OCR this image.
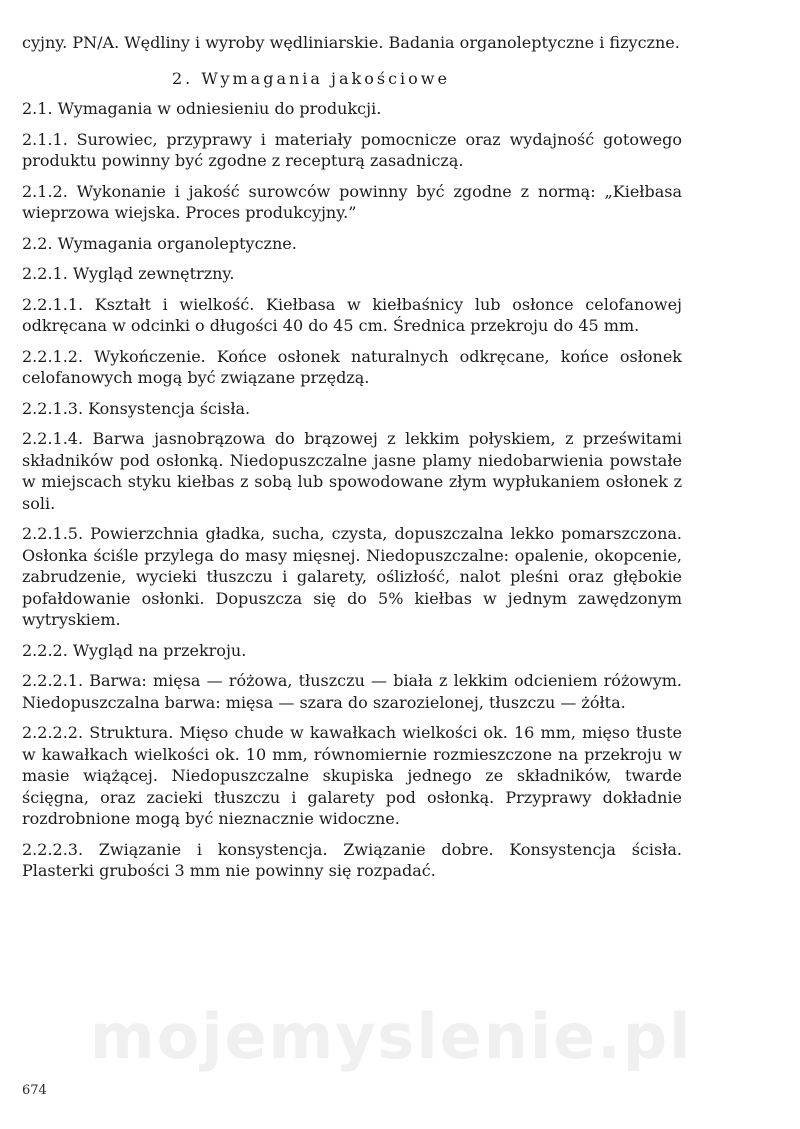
mojemyslenie.pl

cyjny. PN/A. Wędliny i wyroby wędliniarskie. Badania organoleptyczne i fizyczne.

2. Wymagania jakościowe

2.1. Wymagania w odniesieniu do produkcji.

2.1.1. Surowiec, przyprawy i materiały pomocnicze oraz wydajność gotowego produktu powinny być zgodne z recepturą zasadniczą.

2.1.2. Wykonanie i jakość surowców powinny być zgodne z normą: „Kiełbasa wieprzowa wiejska. Proces produkcyjny.”

2.2. Wymagania organoleptyczne.

2.2.1. Wygląd zewnętrzny.

2.2.1.1. Kształt i wielkość. Kiełbasa w kiełbaśnicy lub osłonce celofanowej odkręcana w odcinki o długości 40 do 45 cm. Średnica przekroju do 45 mm.

2.2.1.2. Wykończenie. Końce osłonek naturalnych odkręcane, końce osłonek celofanowych mogą być związane przędzą.

2.2.1.3. Konsystencja ścisła.

2.2.1.4. Barwa jasnobrązowa do brązowej z lekkim połyskiem, z prześwitami składników pod osłonką. Niedopuszczalne jasne plamy niedobarwienia powstałe w miejscach styku kiełbas z sobą lub spowodowane złym wypłukaniem osłonek z soli.

2.2.1.5. Powierzchnia gładka, sucha, czysta, dopuszczalna lekko pomarszczona. Osłonka ściśle przylega do masy mięsnej. Niedopuszczalne: opalenie, okopcenie, zabrudzenie, wycieki tłuszczu i galarety, oślizłość, nalot pleśni oraz głębokie pofałdowanie osłonki. Dopuszcza się do 5% kiełbas w jednym zawędzonym wytryskiem.

2.2.2. Wygląd na przekroju.

2.2.2.1. Barwa: mięsa — różowa, tłuszczu — biała z lekkim odcieniem różowym. Niedopuszczalna barwa: mięsa — szara do szarozielonej, tłuszczu — żółta.

2.2.2.2. Struktura. Mięso chude w kawałkach wielkości ok. 16 mm, mięso tłuste w kawałkach wielkości ok. 10 mm, równomiernie rozmieszczone na przekroju w masie wiążącej. Niedopuszczalne skupiska jednego ze składników, twarde ścięgna, oraz zacieki tłuszczu i galarety pod osłonką. Przyprawy dokładnie rozdrobnione mogą być nieznacznie widoczne.

2.2.2.3. Związanie i konsystencja. Związanie dobre. Konsystencja ścisła. Plasterki grubości 3 mm nie powinny się rozpadać.

674
